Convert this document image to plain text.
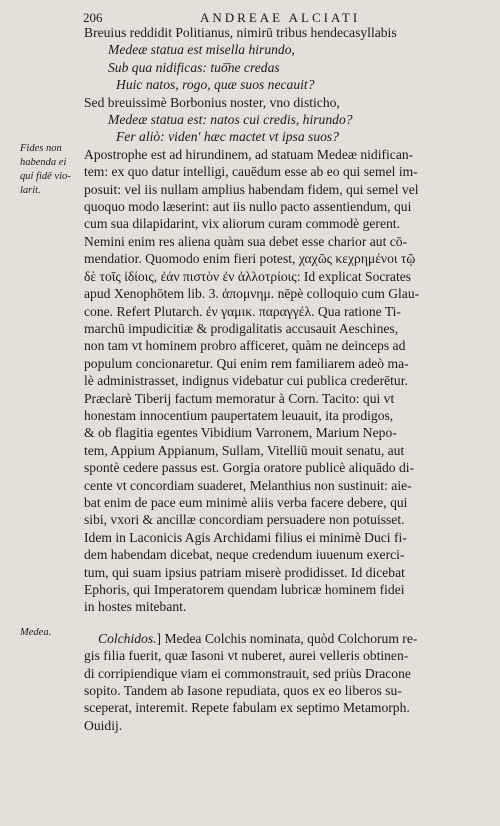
206	ANDREAE ALCIATI
Fides non
habenda ei
qui fidē vio-
larit.
Medea.
Breuius reddidit Politianus, nimirū tribus hendecasyllabis
Medeæ statua est misella hirundo,
Sub qua nidificas: tuō̄ne credas
Huic natos, rogo, quæ suos necauit?
Sed breuissimè Borbonius noster, vno disticho,
Medeæ statua est: natos cui credis, hirundo?
Fer aliò: viden' hæc mactet vt ipsa suos?
Apostrophe est ad hirundinem, ad statuam Medeæ nidifican-
tem: ex quo datur intelligi, cauēdum esse ab eo qui semel im-
posuit: vel iis nullam amplius habendam fidem, qui semel vel
quoquo modo læserint: aut iis nullo pacto assentiendum, qui
cum sua dilapidarint, vix aliorum curam commodè gerent.
Nemini enim res aliena quàm sua debet esse charior aut cō-
mendatior. Quomodo enim fieri potest, χαχῶς κεχρημένοι τῷ
δὲ τοῖς ἰδίοις, ἐάν πιστὸν ἐν ἀλλοτρίοις: Id explicat Socrates
apud Xenophōtem lib. 3. ἀπομνημ. nēpè colloquio cum Glau-
cone. Refert Plutarch. ἐν γαμικ. παραγγέλ. Qua ratione Ti-
marchū impudicitiæ & prodigalitatis accusauit Aeschines,
non tam vt hominem probro afficeret, quàm ne deinceps ad
populum concionaretur. Qui enim rem familiarem adeò ma-
lè administrasset, indignus videbatur cui publica crederētur.
Præclarè Tiberij factum memoratur à Corn. Tacito: qui vt
honestam innocentium paupertatem leuauit, ita prodigos,
& ob flagitia egentes Vibidium Varronem, Marium Nepo-
tem, Appium Appianum, Sullam, Vitelliū mouit senatu, aut
spontè cedere passus est. Gorgia oratore publicè aliquādo di-
cente vt concordiam suaderet, Melanthius non sustinuit: aie-
bat enim de pace eum minimè aliis verba facere debere, qui
sibi, vxori & ancillæ concordiam persuadere non potuisset.
Idem in Laconicis Agis Archidami filius ei minimè Duci fi-
dem habendam dicebat, neque credendum iuuenum exerci-
tum, qui suam ipsius patriam miserè prodidisset. Id dicebat
Ephoris, qui Imperatorem quendam lubricæ hominem fidei
in hostes mitebant.
Colchidos.] Medea Colchis nominata, quòd Colchorum re-
gis filia fuerit, quæ Iasoni vt nuberet, aurei velleris obtinen-
di corripiendique viam ei commonstrauit, sed priùs Dracone
sopito. Tandem ab Iasone repudiata, quos ex eo liberos su-
sceperat, interemit. Repete fabulam ex septimo Metamorph.
Ouidij.
